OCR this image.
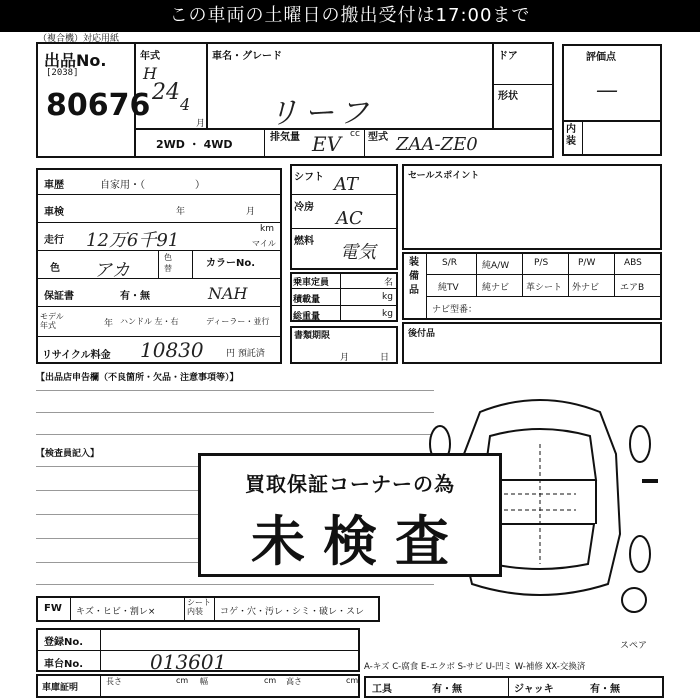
この車両の土曜日の搬出受付は17:00まで
（複合機）対応用紙
出品No.
[2038]
80676
年式
H
24 4
月
車名・グレード
リーフ
ドア
形状
2WD ・ 4WD
排気量 EV cc 型式 ZAA-ZE0
評価点
—
内装
車歴	自家用・（　　　　　）
車検	年	月
走行 12万6千91
km
マイル
色 アカ
色替	カラーNo.
NAH
保証書	有・無
モデル年式	年 ハンドル 左・右	ディーラー・並行
リサイクル料金 10830 円 預託済
シフト AT
冷房
AC
燃料
電気
乗車定員	名
積載量	kg
総重量	kg
書類期限
月	日
セールスポイント
装備品
S/R	純A/W	P/S	P/W	ABS
純TV	純ナビ 革シート 外ナビ エアB
ナビ型番：
後付品
【出品店申告欄（不良箇所・欠品・注意事項等）】
【検査員記入】
買取保証コーナーの為
未検査
FW キズ・ヒビ・割レ×
シート内装	コゲ・穴・汚レ・シミ・破レ・スレ
登録No.
車台No.	013601
車庫証明
長さ	cm 幅	cm 高さ	cm
スペア
A-キズ C-腐食 E-エクボ S-サビ U-凹ミ W-補修 XX-交換済
工具	有・無	ジャッキ	有・無
